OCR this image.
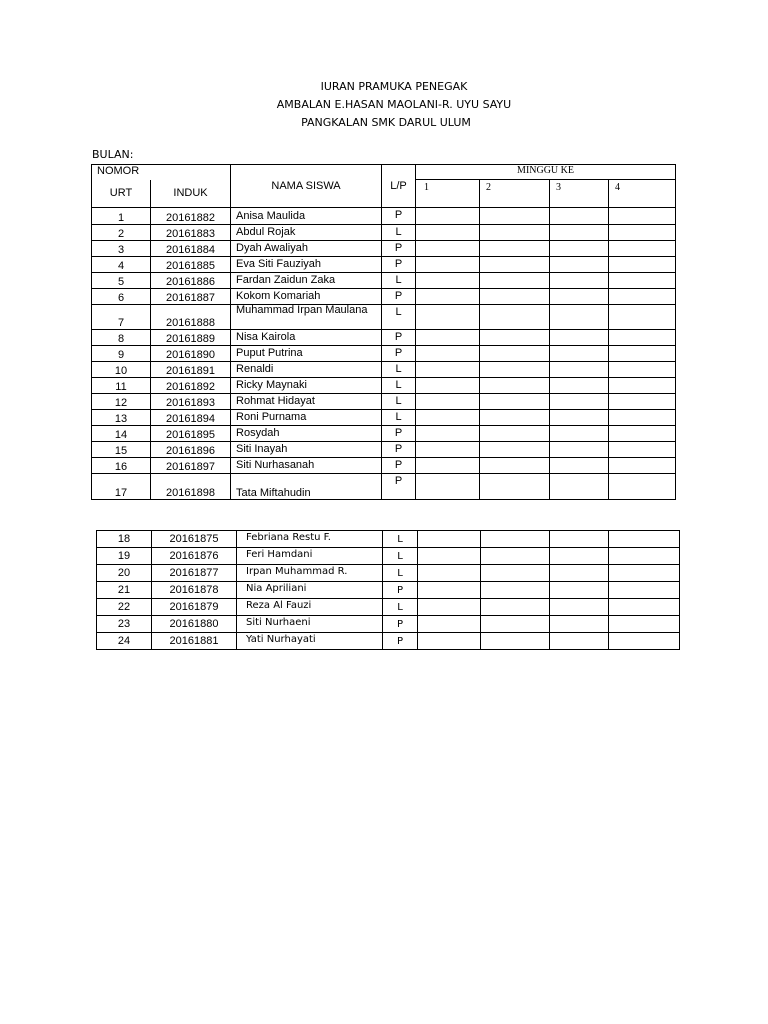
IURAN PRAMUKA PENEGAK
AMBALAN E.HASAN MAOLANI-R. UYU SAYU
PANGKALAN SMK DARUL ULUM
BULAN:
NOMOR		NAMA SISWA	L/P	MINGGU KE			
URT	INDUK			1	2	3	4
1	20161882	Anisa Maulida	P				
2	20161883	Abdul Rojak	L				
3	20161884	Dyah Awaliyah	P				
4	20161885	Eva Siti Fauziyah	P				
5	20161886	Fardan Zaidun Zaka	L				
6	20161887	Kokom Komariah	P				
7	20161888	Muhammad Irpan Maulana	L				
8	20161889	Nisa Kairola	P				
9	20161890	Puput Putrina	P				
10	20161891	Renaldi	L				
11	20161892	Ricky Maynaki	L				
12	20161893	Rohmat Hidayat	L				
13	20161894	Roni Purnama	L				
14	20161895	Rosydah	P				
15	20161896	Siti Inayah	P				
16	20161897	Siti Nurhasanah	P				
17	20161898	Tata Miftahudin	P				
18	20161875	Febriana Restu F.	L				
19	20161876	Feri Hamdani	L				
20	20161877	Irpan Muhammad R.	L				
21	20161878	Nia Apriliani	P				
22	20161879	Reza Al Fauzi	L				
23	20161880	Siti Nurhaeni	P				
24	20161881	Yati Nurhayati	P				
